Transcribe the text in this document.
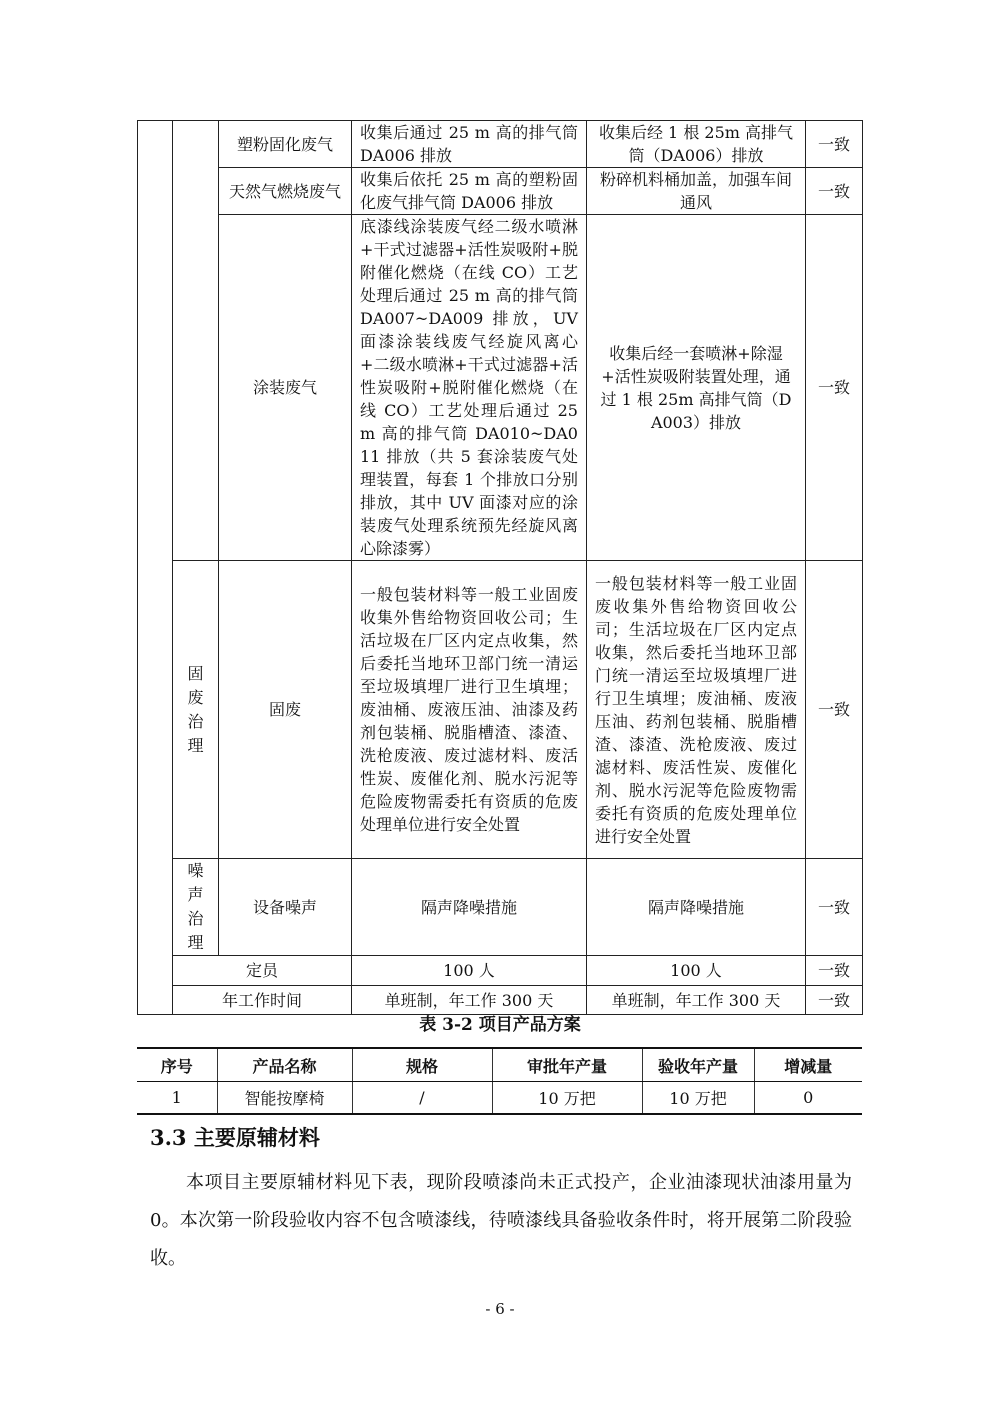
		塑粉固化废气	收集后通过 25 m 高的排气筒 DA006 排放	收集后经 1 根 25m 高排气筒（DA006）排放	一致
		天然气燃烧废气	收集后依托 25 m 高的塑粉固化废气排气筒 DA006 排放	粉碎机料桶加盖，加强车间通风	一致
		涂装废气	底漆线涂装废气经二级水喷淋+干式过滤器+活性炭吸附+脱附催化燃烧（在线 CO）工艺处理后通过 25 m 高的排气筒 DA007~DA009 排放，UV 面漆涂装线废气经旋风离心+二级水喷淋+干式过滤器+活性炭吸附+脱附催化燃烧（在线 CO）工艺处理后通过 25 m 高的排气筒 DA010~DA011 排放（共 5 套涂装废气处理装置，每套 1 个排放口分别排放，其中 UV 面漆对应的涂装废气处理系统预先经旋风离心除漆雾）	收集后经一套喷淋+除湿+活性炭吸附装置处理，通过 1 根 25m 高排气筒（DA003）排放	一致
	固
废
治
理	固废	一般包装材料等一般工业固废收集外售给物资回收公司；生活垃圾在厂区内定点收集，然后委托当地环卫部门统一清运至垃圾填埋厂进行卫生填埋；废油桶、废液压油、油漆及药剂包装桶、脱脂槽渣、漆渣、洗枪废液、废过滤材料、废活性炭、废催化剂、脱水污泥等危险废物需委托有资质的危废处理单位进行安全处置	一般包装材料等一般工业固废收集外售给物资回收公司；生活垃圾在厂区内定点收集，然后委托当地环卫部门统一清运至垃圾填埋厂进行卫生填埋；废油桶、废液压油、药剂包装桶、脱脂槽渣、漆渣、洗枪废液、废过滤材料、废活性炭、废催化剂、脱水污泥等危险废物需委托有资质的危废处理单位进行安全处置	一致
	噪
声
治
理	设备噪声	隔声降噪措施	隔声降噪措施	一致
	定员		100 人	100 人	一致
	年工作时间		单班制，年工作 300 天	单班制，年工作 300 天	一致
表 3-2 项目产品方案
序号	产品名称	规格	审批年产量	验收年产量	增减量
1	智能按摩椅	/	10 万把	10 万把	0
3.3 主要原辅材料
本项目主要原辅材料见下表，现阶段喷漆尚未正式投产，企业油漆现状油漆用量为0。本次第一阶段验收内容不包含喷漆线，待喷漆线具备验收条件时，将开展第二阶段验收。
- 6 -
